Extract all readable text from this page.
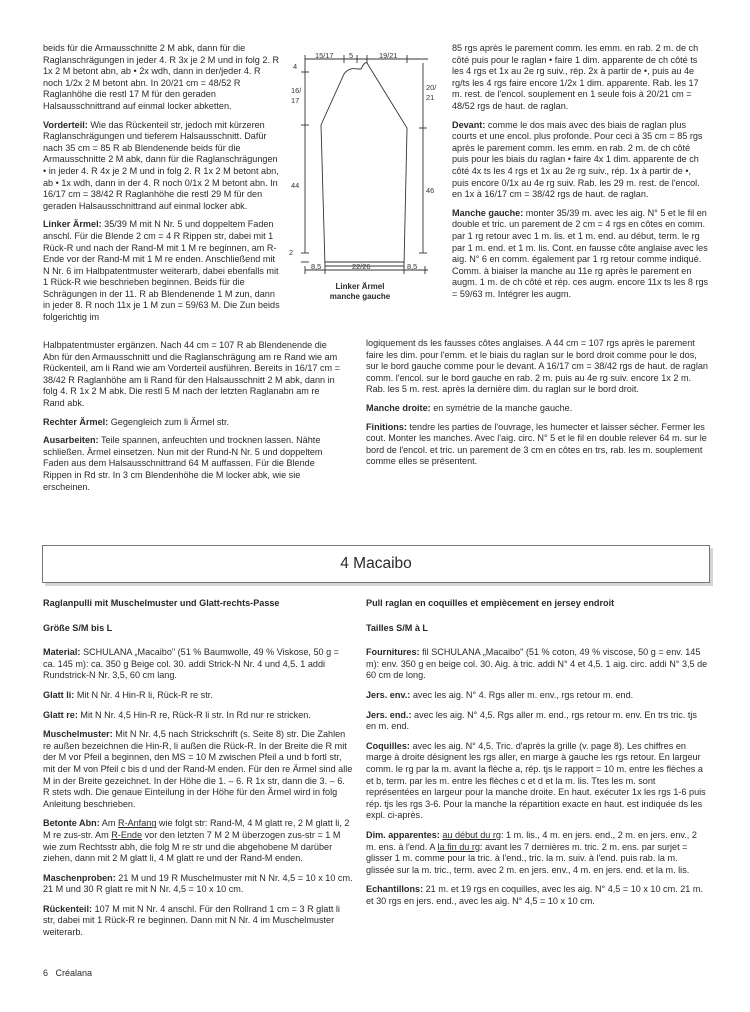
beids für die Armausschnitte 2 M abk, dann für die Raglanschrägungen in jeder 4. R 3x je 2 M und in folg 2. R 1x 2 M betont abn, ab • 2x wdh, dann in der/jeder 4. R noch 1/2x 2 M betont abn. In 20/21 cm = 48/52 R Raglanhöhe die restl 17 M für den geraden Halsausschnittrand auf einmal locker abketten.

Vorderteil: Wie das Rückenteil str, jedoch mit kürzeren Raglanschrägungen und tieferem Halsausschnitt. Dafür nach 35 cm = 85 R ab Blendenende beids für die Armausschnitte 2 M abk, dann für die Raglanschrägungen • in jeder 4. R 4x je 2 M und in folg 2. R 1x 2 M betont abn, ab • 1x wdh, dann in der 4. R noch 0/1x 2 M betont abn. In 16/17 cm = 38/42 R Raglanhöhe die restl 29 M für den geraden Halsausschnittrand auf einmal locker abk.

Linker Ärmel: 35/39 M mit N Nr. 5 und doppeltem Faden anschl. Für die Blende 2 cm = 4 R Rippen str, dabei mit 1 Rück-R und nach der Rand-M mit 1 M re beginnen, am R-Ende vor der Rand-M mit 1 M re enden. Anschließend mit N Nr. 6 im Halbpatentmuster weiterarb, dabei ebenfalls mit 1 Rück-R wie beschrieben beginnen. Beids für die Schrägungen in der 11. R ab Blendenende 1 M zun, dann in jeder 8. R noch 11x je 1 M zun = 59/63 M. Die Zun beids folgerichtig im

Halbpatentmuster ergänzen. Nach 44 cm = 107 R ab Blendenende die Abn für den Armausschnitt und die Raglanschrägung am re Rand wie am Rückenteil, am li Rand wie am Vorderteil ausführen. Bereits in 16/17 cm = 38/42 R Raglanhöhe am li Rand für den Halsausschnitt 2 M abk, dann in folg 4. R 1x 2 M abk. Die restl 5 M nach der letzten Raglanabn am re Rand abk.

Rechter Ärmel: Gegengleich zum li Ärmel str.

Ausarbeiten: Teile spannen, anfeuchten und trocknen lassen. Nähte schließen. Ärmel einsetzen. Nun mit der Rund-N Nr. 5 und doppeltem Faden aus dem Halsausschnittrand 64 M auffassen. Für die Blende Rippen in Rd str. In 3 cm Blendenhöhe die M locker abk, wie sie erscheinen.

15/17 5	19/21
4
16/
17
20/
21
44
46
2
8,5	22/26	8,5
Linker Ärmel
manche gauche

85 rgs après le parement comm. les emm. en rab. 2 m. de ch côté puis pour le raglan • faire 1 dim. apparente de ch côté ts les 4 rgs et 1x au 2e rg suiv., rép. 2x à partir de •, puis au 4e rg/ts les 4 rgs faire encore 1/2x 1 dim. apparente. Rab. les 17 m. rest. de l'encol. souplement en 1 seule fois à 20/21 cm = 48/52 rgs de haut. de raglan.

Devant: comme le dos mais avec des biais de raglan plus courts et une encol. plus profonde. Pour ceci à 35 cm = 85 rgs après le parement comm. les emm. en rab. 2 m. de ch côté puis pour les biais du raglan • faire 4x 1 dim. apparente de ch côté 4x ts les 4 rgs et 1x au 2e rg suiv., rép. 1x à partir de •, puis encore 0/1x au 4e rg suiv. Rab. les 29 m. rest. de l'encol. en 1x à 16/17 cm = 38/42 rgs de haut. de raglan.

Manche gauche: monter 35/39 m. avec les aig. N° 5 et le fil en double et tric. un parement de 2 cm = 4 rgs en côtes en comm. par 1 rg retour avec 1 m. lis. et 1 m. end. au début, term. le rg par 1 m. end. et 1 m. lis. Cont. en fausse côte anglaise avec les aig. N° 6 en comm. également par 1 rg retour comme indiqué. Comm. à biaiser la manche au 11e rg après le parement en augm. 1 m. de ch côté et rép. ces augm. encore 11x ts les 8 rgs = 59/63 m. Intégrer les augm.

logiquement ds les fausses côtes anglaises. A 44 cm = 107 rgs après le parement faire les dim. pour l'emm. et le biais du raglan sur le bord droit comme pour le dos, sur le bord gauche comme pour le devant. A 16/17 cm = 38/42 rgs de haut. de raglan comm. l'encol. sur le bord gauche en rab. 2 m. puis au 4e rg suiv. encore 1x 2 m. Rab. les 5 m. rest. après la dernière dim. du raglan sur le bord droit.

Manche droite: en symétrie de la manche gauche.

Finitions: tendre les parties de l'ouvrage, les humecter et laisser sécher. Fermer les cout. Monter les manches. Avec l'aig. circ. N° 5 et le fil en double relever 64 m. sur le bord de l'encol. et tric. un parement de 3 cm en côtes en trs, rab. les m. souplement comme elles se présentent.

4 Macaibo

Raglanpulli mit Muschelmuster und Glatt-rechts-Passe

Größe S/M bis L

Material: SCHULANA „Macaibo" (51 % Baumwolle, 49 % Viskose, 50 g = ca. 145 m): ca. 350 g Beige col. 30. addi Strick-N Nr. 4 und 4,5. 1 addi Rundstrick-N Nr. 3,5, 60 cm lang.

Glatt li: Mit N Nr. 4 Hin-R li, Rück-R re str.

Glatt re: Mit N Nr. 4,5 Hin-R re, Rück-R li str. In Rd nur re stricken.

Muschelmuster: Mit N Nr. 4,5 nach Strickschrift (s. Seite 8) str. Die Zahlen re außen bezeichnen die Hin-R, li außen die Rück-R. In der Breite die R mit der M vor Pfeil a beginnen, den MS = 10 M zwischen Pfeil a und b fortl str, mit der M von Pfeil c bis d und der Rand-M enden. Für den re Ärmel sind alle M in der Breite gezeichnet. In der Höhe die 1. – 6. R 1x str, dann die 3. – 6. R stets wdh. Die genaue Einteilung in der Höhe für den Ärmel wird in folg Anleitung beschrieben.

Betonte Abn: Am R-Anfang wie folgt str: Rand-M, 4 M glatt re, 2 M glatt li, 2 M re zus-str. Am R-Ende vor den letzten 7 M 2 M überzogen zus-str = 1 M wie zum Rechtsstr abh, die folg M re str und die abgehobene M darüber ziehen, dann mit 2 M glatt li, 4 M glatt re und der Rand-M enden.

Maschenproben: 21 M und 19 R Muschelmuster mit N Nr. 4,5 = 10 x 10 cm. 21 M und 30 R glatt re mit N Nr. 4,5 = 10 x 10 cm.

Rückenteil: 107 M mit N Nr. 4 anschl. Für den Rollrand 1 cm = 3 R glatt li str, dabei mit 1 Rück-R re beginnen. Dann mit N Nr. 4 im Muschelmuster weiterarb.

Pull raglan en coquilles et empiècement en jersey endroit

Tailles S/M à L

Fournitures: fil SCHULANA „Macaibo" (51 % coton, 49 % viscose, 50 g = env. 145 m): env. 350 g en beige col. 30. Aig. à tric. addi N° 4 et 4,5. 1 aig. circ. addi N° 3,5 de 60 cm de long.

Jers. env.: avec les aig. N° 4. Rgs aller m. env., rgs retour m. end.

Jers. end.: avec les aig. N° 4,5. Rgs aller m. end., rgs retour m. env. En trs tric. tjs en m. end.

Coquilles: avec les aig. N° 4,5. Tric. d'après la grille (v. page 8). Les chiffres en marge à droite désignent les rgs aller, en marge à gauche les rgs retour. En largeur comm. le rg par la m. avant la flèche a, rép. tjs le rapport = 10 m. entre les flèches a et b, term. par les m. entre les flèches c et d et la m. lis. Ttes les m. sont représentées en largeur pour la manche droite. En haut. exécuter 1x les rgs 1-6 puis rép. tjs les rgs 3-6. Pour la manche la répartition exacte en haut. est indiquée ds les expl. ci-après.

Dim. apparentes: au début du rg: 1 m. lis., 4 m. en jers. end., 2 m. en jers. env., 2 m. ens. à l'end. A la fin du rg: avant les 7 dernières m. tric. 2 m. ens. par surjet = glisser 1 m. comme pour la tric. à l'end., tric. la m. suiv. à l'end. puis rab. la m. glissée sur la m. tric., term. avec 2 m. en jers. env., 4 m. en jers. end. et la m. lis.

Echantillons: 21 m. et 19 rgs en coquilles, avec les aig. N° 4,5 = 10 x 10 cm. 21 m. et 30 rgs en jers. end., avec les aig. N° 4,5 = 10 x 10 cm.

6 Créalana
